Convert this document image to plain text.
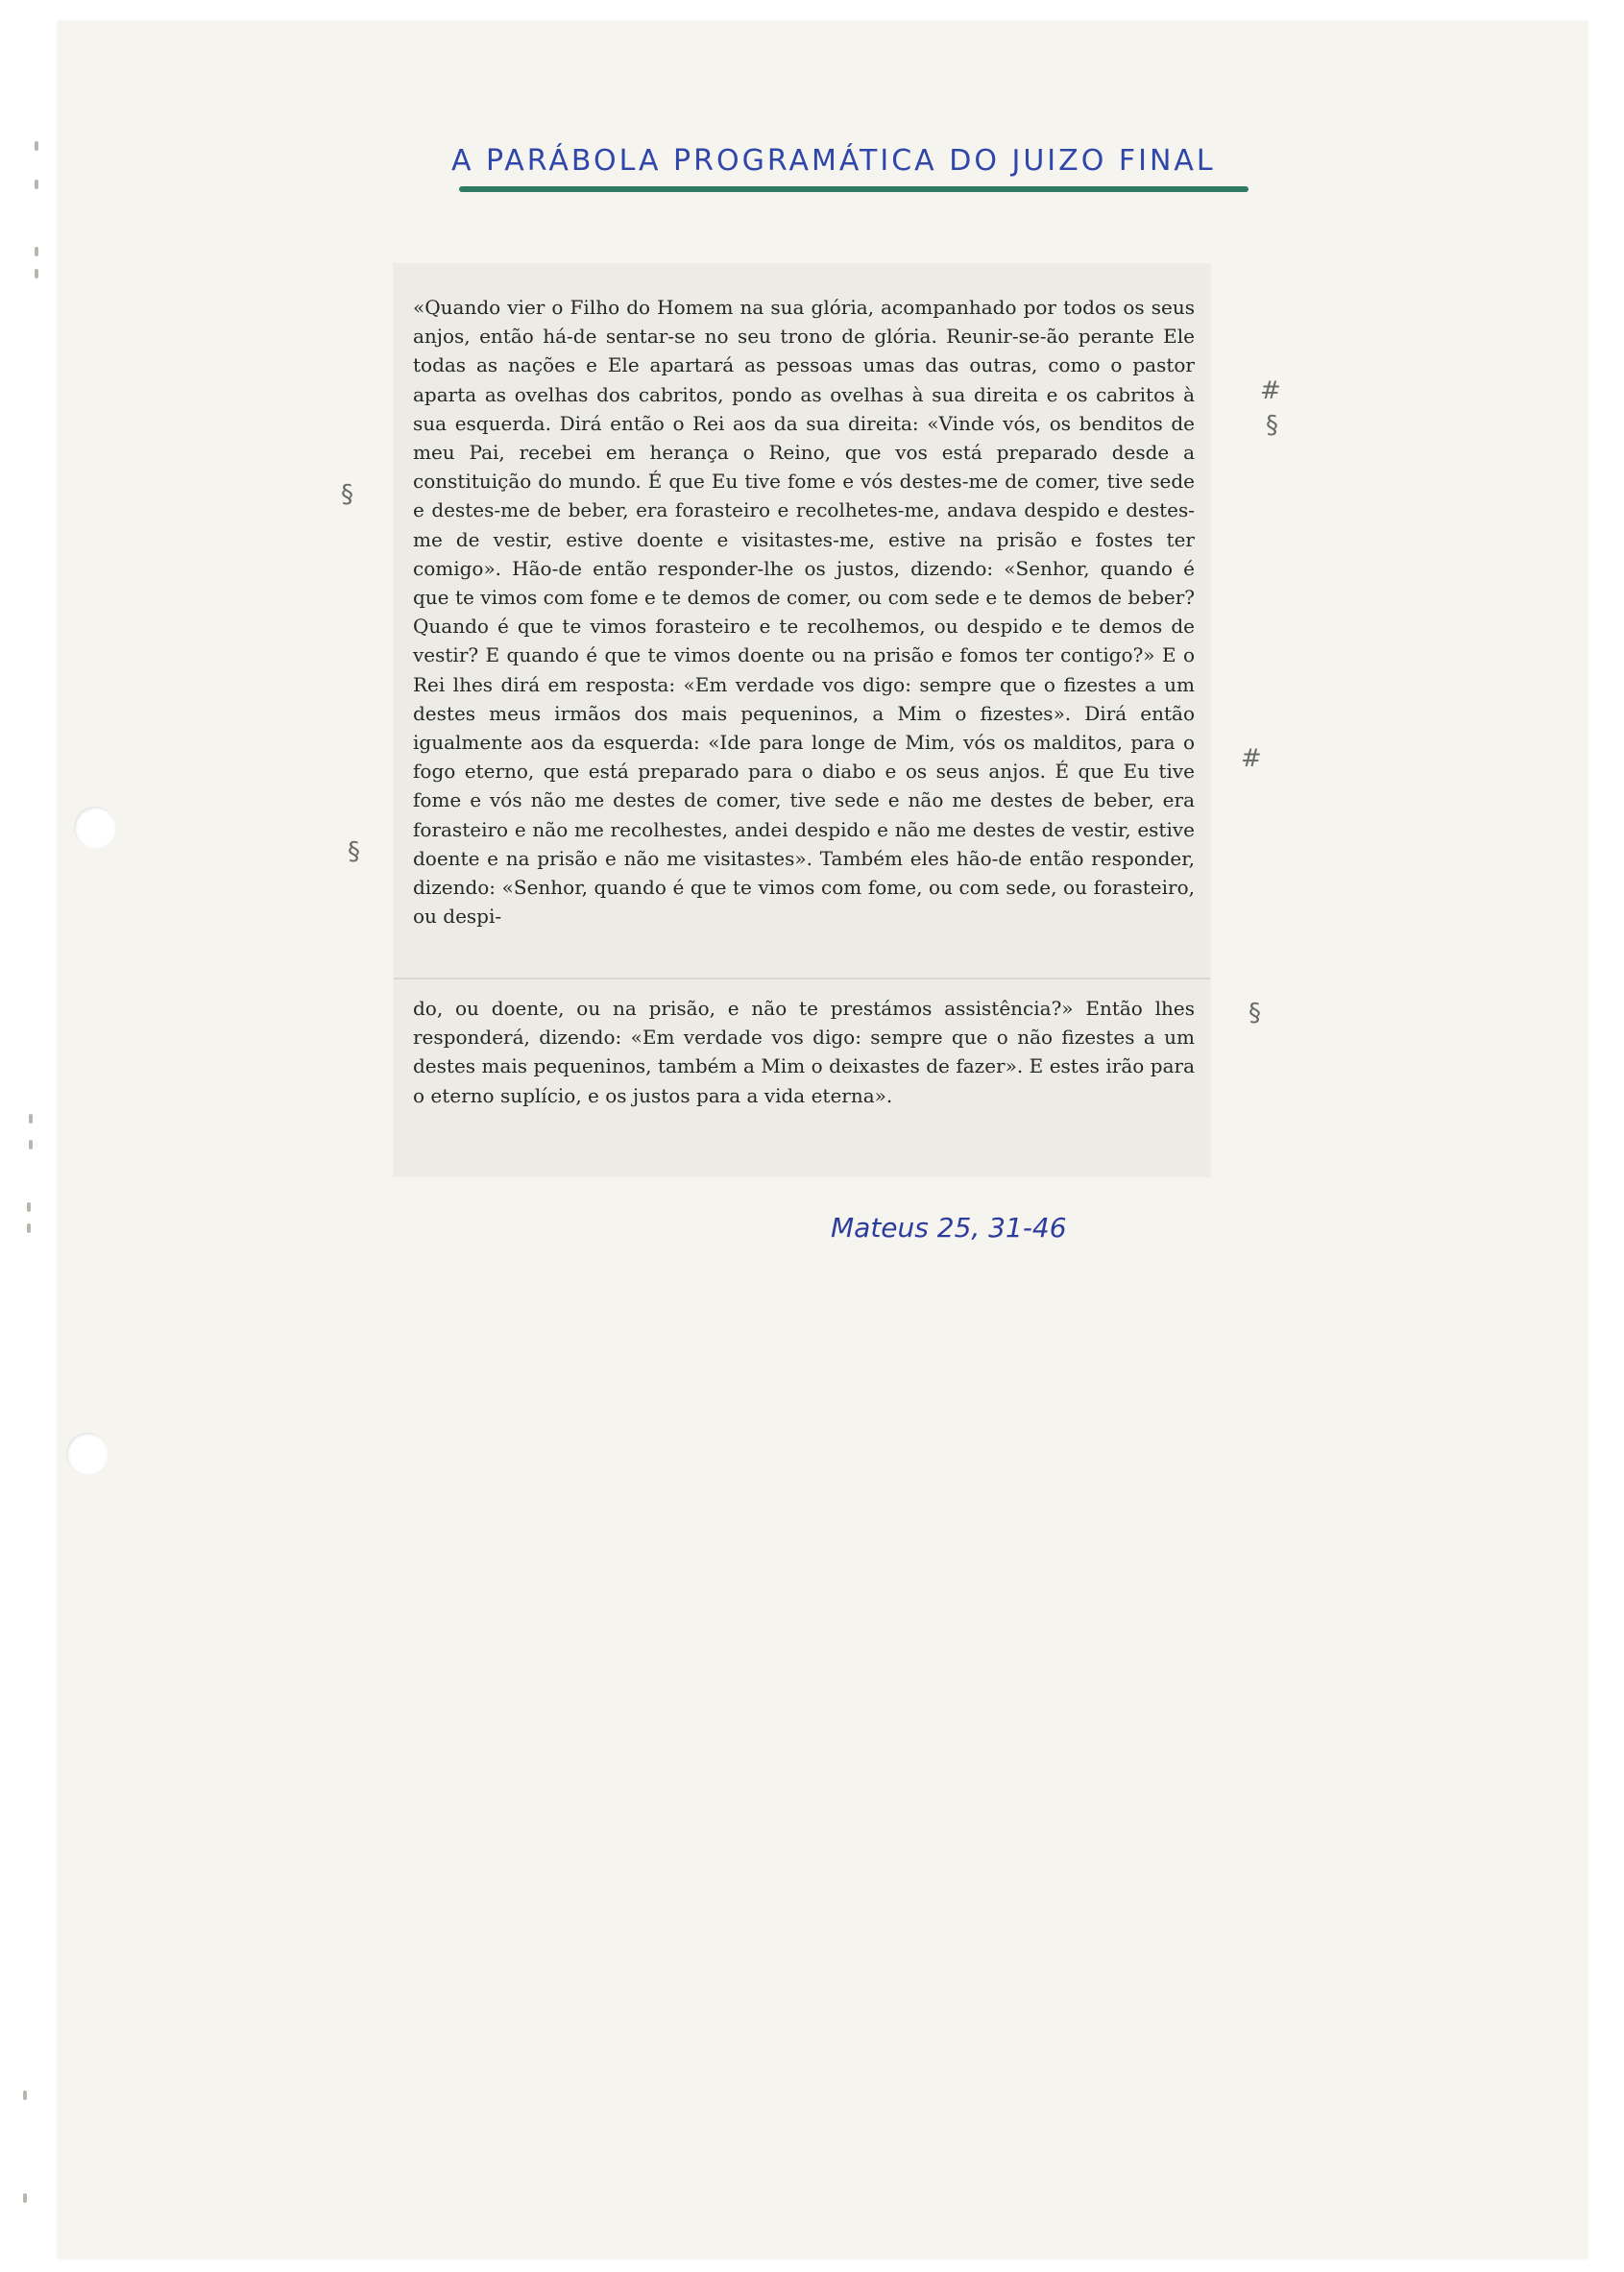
A PARÁBOLA PROGRAMÁTICA DO JUIZO FINAL

«Quando vier o Filho do Homem na sua glória, acompanhado por todos os seus anjos, então há-de sentar-se no seu trono de glória. Reunir-se-ão perante Ele todas as nações e Ele apartará as pessoas umas das outras, como o pastor aparta as ovelhas dos cabritos, pondo as ovelhas à sua direita e os cabritos à sua esquerda. Dirá então o Rei aos da sua direita: «Vinde vós, os benditos de meu Pai, recebei em herança o Reino, que vos está preparado desde a constituição do mundo. É que Eu tive fome e vós destes-me de comer, tive sede e destes-me de beber, era forasteiro e recolhetes-me, andava despido e destes-me de vestir, estive doente e visitastes-me, estive na prisão e fostes ter comigo». Hão-de então responder-lhe os justos, dizendo: «Senhor, quando é que te vimos com fome e te demos de comer, ou com sede e te demos de beber? Quando é que te vimos forasteiro e te recolhemos, ou despido e te demos de vestir? E quando é que te vimos doente ou na prisão e fomos ter contigo?» E o Rei lhes dirá em resposta: «Em verdade vos digo: sempre que o fizestes a um destes meus irmãos dos mais pequeninos, a Mim o fizestes». Dirá então igualmente aos da esquerda: «Ide para longe de Mim, vós os malditos, para o fogo eterno, que está preparado para o diabo e os seus anjos. É que Eu tive fome e vós não me destes de comer, tive sede e não me destes de beber, era forasteiro e não me recolhestes, andei despido e não me destes de vestir, estive doente e na prisão e não me visitastes». Também eles hão-de então responder, dizendo: «Senhor, quando é que te vimos com fome, ou com sede, ou forasteiro, ou despi-

do, ou doente, ou na prisão, e não te prestámos assistência?» Então lhes responderá, dizendo: «Em verdade vos digo: sempre que o não fizestes a um destes mais pequeninos, também a Mim o deixastes de fazer». E estes irão para o eterno suplício, e os justos para a vida eterna».

§
§
#
#
§
§
Mateus 25, 31-46
